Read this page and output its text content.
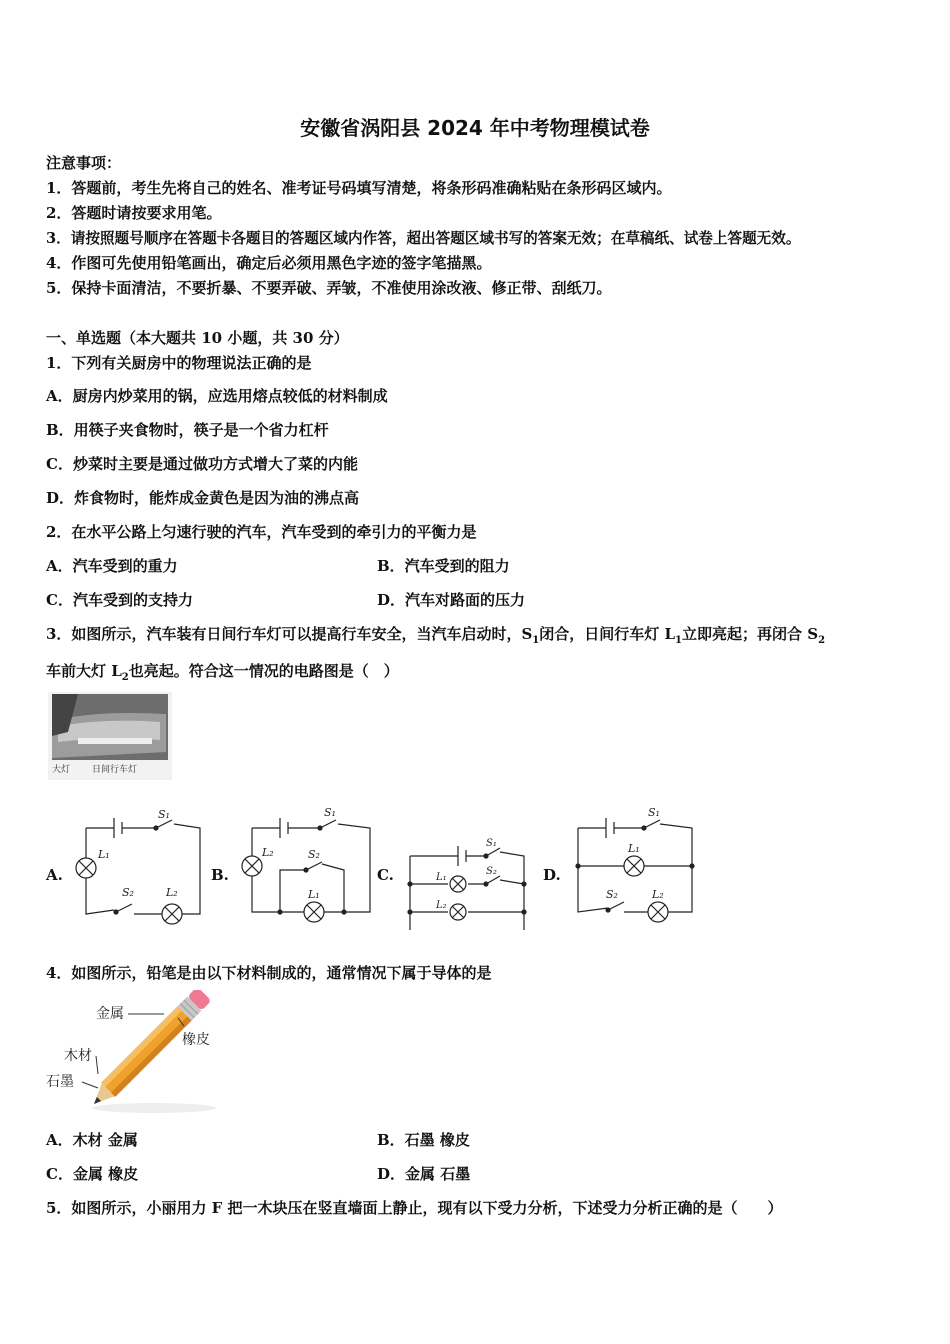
安徽省涡阳县 2024 年中考物理模试卷
注意事项：
1．答题前，考生先将自己的姓名、准考证号码填写清楚，将条形码准确粘贴在条形码区域内。
2．答题时请按要求用笔。
3．请按照题号顺序在答题卡各题目的答题区域内作答，超出答题区域书写的答案无效；在草稿纸、试卷上答题无效。
4．作图可先使用铅笔画出，确定后必须用黑色字迹的签字笔描黑。
5．保持卡面清洁，不要折暴、不要弄破、弄皱，不准使用涂改液、修正带、刮纸刀。
一、单选题（本大题共 10 小题，共 30 分）
1．下列有关厨房中的物理说法正确的是
A．厨房内炒菜用的锅，应选用熔点较低的材料制成
B．用筷子夹食物时，筷子是一个省力杠杆
C．炒菜时主要是通过做功方式增大了菜的内能
D．炸食物时，能炸成金黄色是因为油的沸点高
2．在水平公路上匀速行驶的汽车，汽车受到的牵引力的平衡力是
A．汽车受到的重力	B．汽车受到的阻力
C．汽车受到的支持力	D．汽车对路面的压力
3．如图所示，汽车装有日间行车灯可以提高行车安全，当汽车启动时，$S_1$闭合，日间行车灯 $L_1$立即亮起；再闭合 $S_2$
车前大灯 $L_2$也亮起。符合这一情况的电路图是（　）
大灯 日间行车灯
A.	B.	C.	D.
S₁
L₁
S₂	L₂
S₁
L₂	S₂
L₁
S₁
S₂
L₁
L₂
S₁
L₁
S₂	L₂
4．如图所示，铅笔是由以下材料制成的，通常情况下属于导体的是
金属
橡皮
木材
石墨
A．木材 金属	B．石墨 橡皮
C．金属 橡皮	D．金属 石墨
5．如图所示，小丽用力 F 把一木块压在竖直墙面上静止，现有以下受力分析，下述受力分析正确的是（　　）
